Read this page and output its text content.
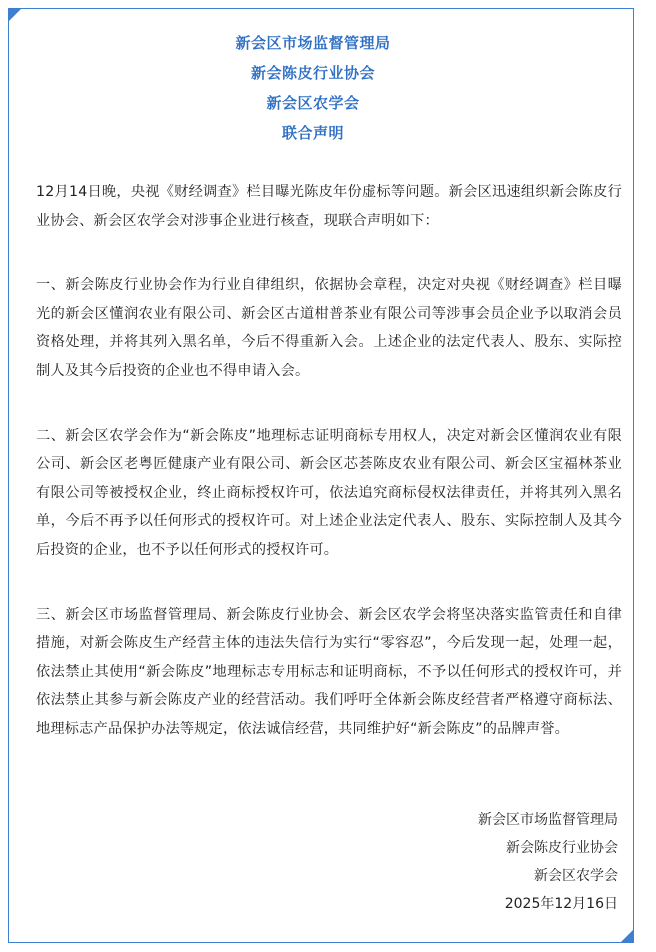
新会区市场监督管理局
新会陈皮行业协会
新会区农学会
联合声明

12月14日晚，央视《财经调查》栏目曝光陈皮年份虚标等问题。新会区迅速组织新会陈皮行业协会、新会区农学会对涉事企业进行核查，现联合声明如下：

一、新会陈皮行业协会作为行业自律组织，依据协会章程，决定对央视《财经调查》栏目曝光的新会区懂润农业有限公司、新会区古道柑普茶业有限公司等涉事会员企业予以取消会员资格处理，并将其列入黑名单，今后不得重新入会。上述企业的法定代表人、股东、实际控制人及其今后投资的企业也不得申请入会。

二、新会区农学会作为“新会陈皮”地理标志证明商标专用权人，决定对新会区懂润农业有限公司、新会区老粤匠健康产业有限公司、新会区芯荟陈皮农业有限公司、新会区宝福林茶业有限公司等被授权企业，终止商标授权许可，依法追究商标侵权法律责任，并将其列入黑名单，今后不再予以任何形式的授权许可。对上述企业法定代表人、股东、实际控制人及其今后投资的企业，也不予以任何形式的授权许可。

三、新会区市场监督管理局、新会陈皮行业协会、新会区农学会将坚决落实监管责任和自律措施，对新会陈皮生产经营主体的违法失信行为实行“零容忍”，今后发现一起，处理一起，依法禁止其使用“新会陈皮”地理标志专用标志和证明商标，不予以任何形式的授权许可，并依法禁止其参与新会陈皮产业的经营活动。我们呼吁全体新会陈皮经营者严格遵守商标法、地理标志产品保护办法等规定，依法诚信经营，共同维护好“新会陈皮”的品牌声誉。

新会区市场监督管理局
新会陈皮行业协会
新会区农学会
2025年12月16日
